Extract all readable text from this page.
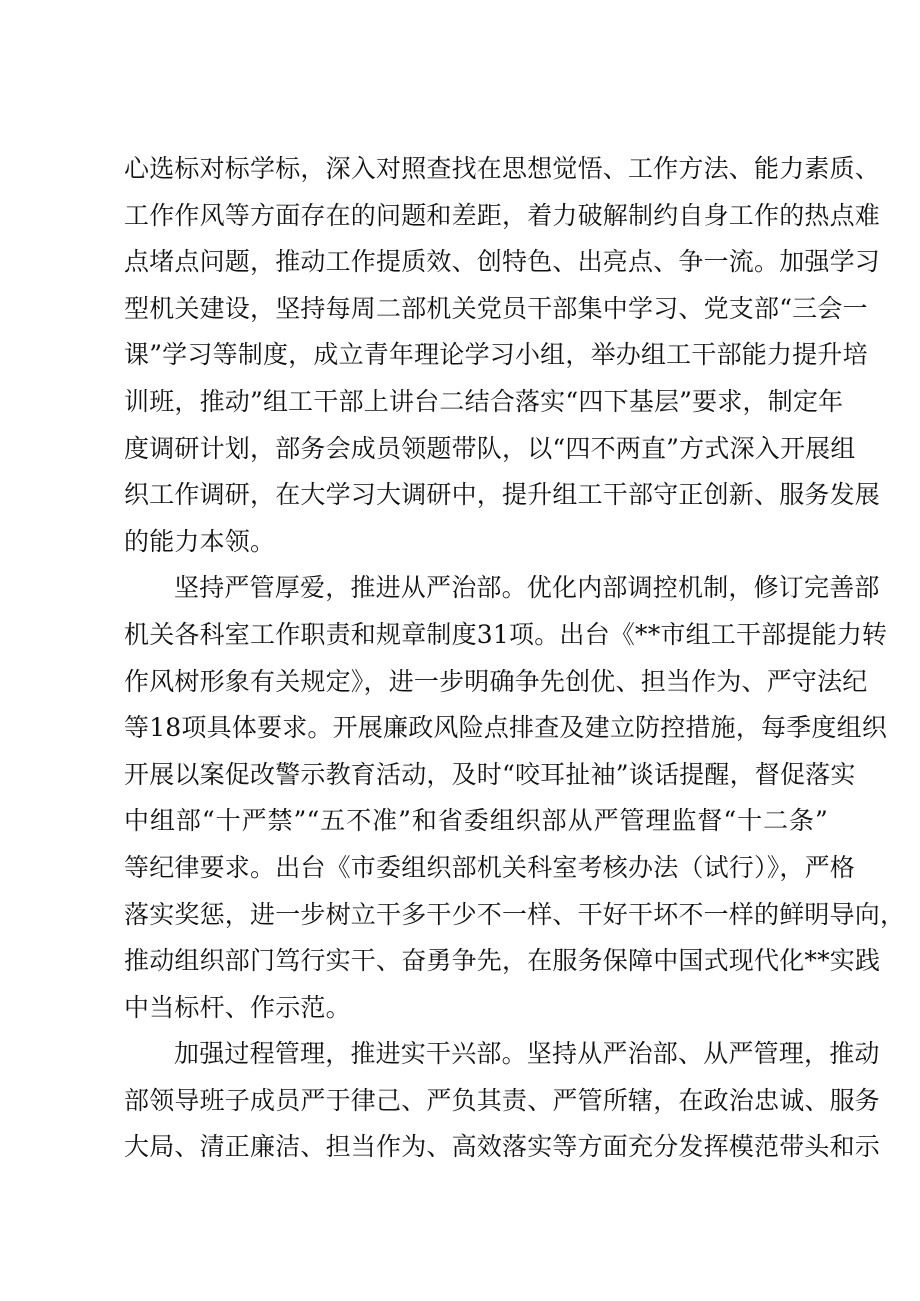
心选标对标学标，深入对照查找在思想觉悟、工作方法、能力素质、
工作作风等方面存在的问题和差距，着力破解制约自身工作的热点难
点堵点问题，推动工作提质效、创特色、出亮点、争一流。加强学习
型机关建设，坚持每周二部机关党员干部集中学习、党支部“三会一
课”学习等制度，成立青年理论学习小组，举办组工干部能力提升培
训班，推动”组工干部上讲台二结合落实“四下基层”要求，制定年
度调研计划，部务会成员领题带队，以“四不两直”方式深入开展组
织工作调研，在大学习大调研中，提升组工干部守正创新、服务发展
的能力本领。
坚持严管厚爱，推进从严治部。优化内部调控机制，修订完善部
机关各科室工作职责和规章制度31项。出台《**市组工干部提能力转
作风树形象有关规定》，进一步明确争先创优、担当作为、严守法纪
等18项具体要求。开展廉政风险点排查及建立防控措施，每季度组织
开展以案促改警示教育活动，及时“咬耳扯袖”谈话提醒，督促落实
中组部“十严禁”“五不准”和省委组织部从严管理监督“十二条”
等纪律要求。出台《市委组织部机关科室考核办法（试行）》，严格
落实奖惩，进一步树立干多干少不一样、干好干坏不一样的鲜明导向，
推动组织部门笃行实干、奋勇争先，在服务保障中国式现代化**实践
中当标杆、作示范。
加强过程管理，推进实干兴部。坚持从严治部、从严管理，推动
部领导班子成员严于律己、严负其责、严管所辖，在政治忠诚、服务
大局、清正廉洁、担当作为、高效落实等方面充分发挥模范带头和示
